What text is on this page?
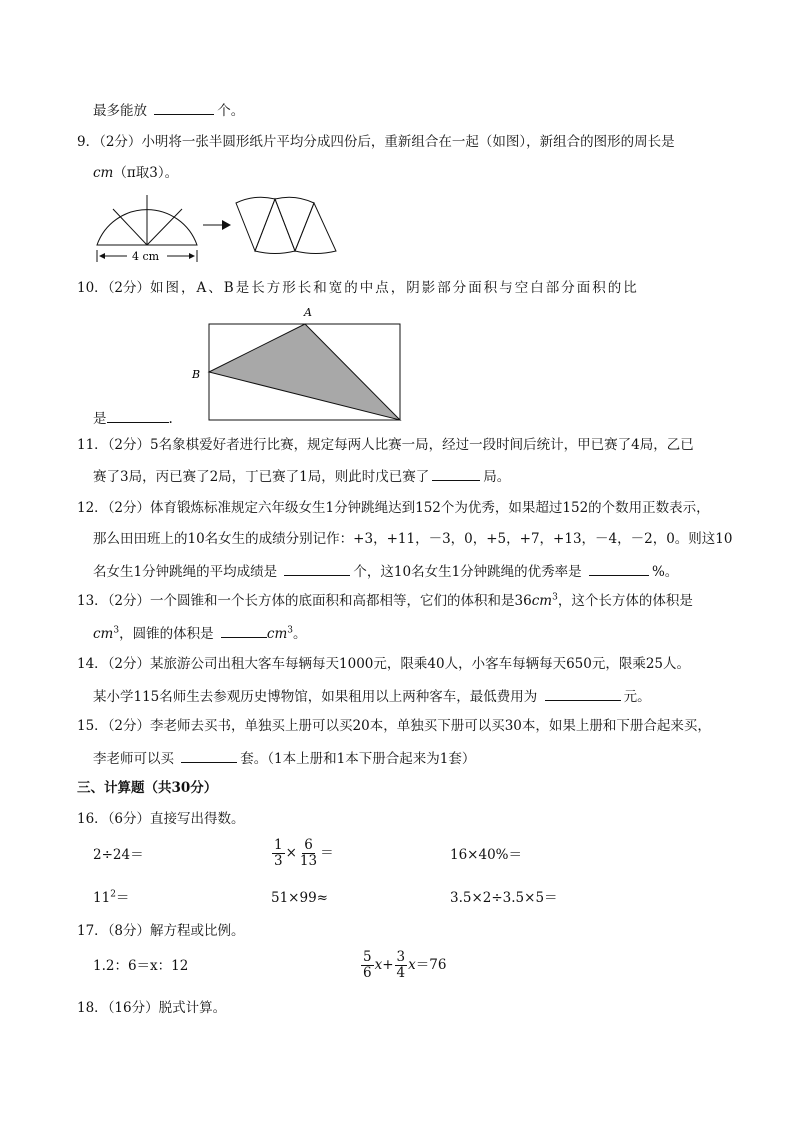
最多能放	个。
9．（2分）小明将一张半圆形纸片平均分成四份后，重新组合在一起（如图），新组合的图形的周长是
cm（π取3）。
4 cm
10．（2分）如图，A、B是长方形长和宽的中点，阴影部分面积与空白部分面积的比
A
B
是	.
11．（2分）5名象棋爱好者进行比赛，规定每两人比赛一局，经过一段时间后统计，甲已赛了4局，乙已
赛了3局，丙已赛了2局，丁已赛了1局，则此时戊已赛了	局。
12．（2分）体育锻炼标准规定六年级女生1分钟跳绳达到152个为优秀，如果超过152的个数用正数表示，
那么田田班上的10名女生的成绩分别记作：+3，+11，－3，0，+5，+7，+13，－4，－2，0。则这10
名女生1分钟跳绳的平均成绩是	个，这10名女生1分钟跳绳的优秀率是	%。
13．（2分）一个圆锥和一个长方体的底面积和高都相等，它们的体积和是$36cm^3$，这个长方体的体积是
$cm^3$，圆锥的体积是	$cm^3$。
14．（2分）某旅游公司出租大客车每辆每天1000元，限乘40人，小客车每辆每天650元，限乘25人。
某小学115名师生去参观历史博物馆，如果租用以上两种客车，最低费用为	元。
15．（2分）李老师去买书，单独买上册可以买20本，单独买下册可以买30本，如果上册和下册合起来买，
李老师可以买	套。（1本上册和1本下册合起来为1套）
三、计算题（共30分）
16．（6分）直接写出得数。
2÷24＝	$\frac{1}{3} \times \frac{6}{13}$ ＝	16×40%＝
$11^2=$	51×99≈	3.5×2÷3.5×5＝
17．（8分）解方程或比例。
1.2：6＝x：12	$\frac{5}{6} x+ \frac{3}{4} x=76$
18．（16分）脱式计算。
